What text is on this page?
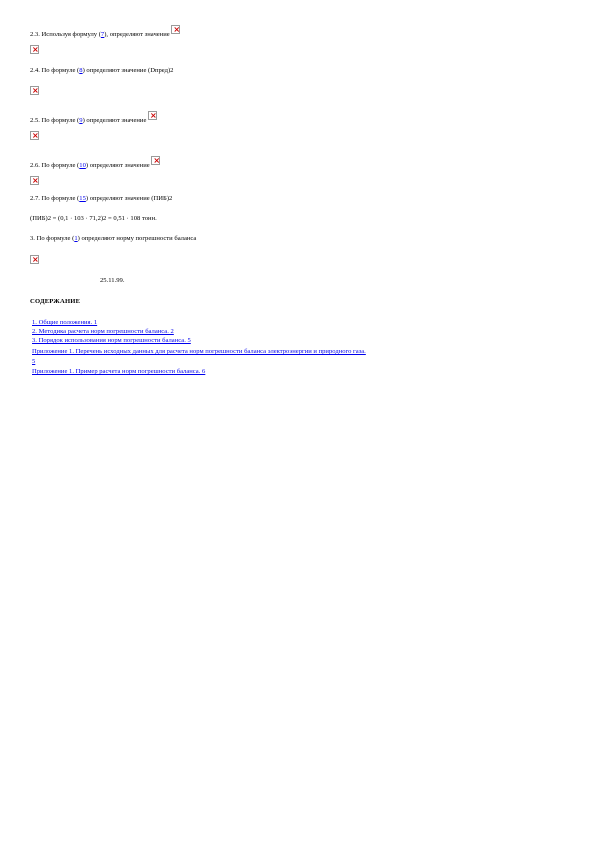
2.3. Используя формулу (7), определяют значение ×
×
2.4. По формуле (8) определяют значение (Dпред)2
×
2.5. По формуле (9) определяют значение ×
×
2.6. По формуле (10) определяют значение ×
×
2.7. По формуле (15) определяют значение (ПИБ)2
(ПИБ)2 = (0,1 · 103 · 71,2)2 = 0,51 · 108 тонн.
3. По формуле (1) определяют норму погрешности баланса
×
25.11.99.
СОДЕРЖАНИЕ
1. Общие положения. 1
2. Методика расчета норм погрешности баланса. 2
3. Порядок использования норм погрешности баланса. 5
Приложение 1. Перечень исходных данных для расчета норм погрешности баланса электроэнергии и природного газа.
5
Приложение 1. Пример расчета норм погрешности баланса. 6
